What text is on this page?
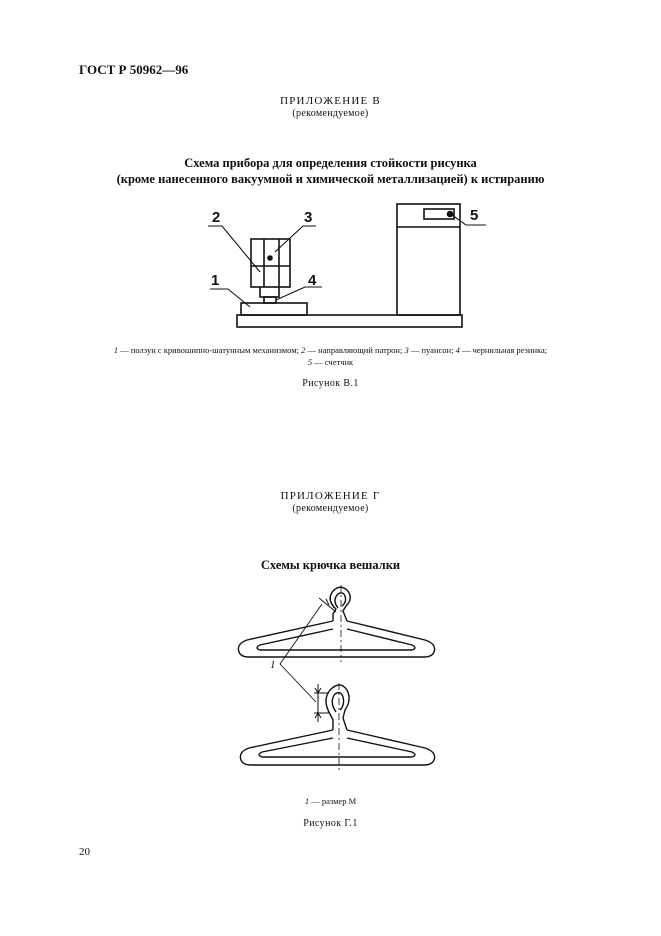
ГОСТ Р 50962—96
ПРИЛОЖЕНИЕ В
(рекомендуемое)
Схема прибора для определения стойкости рисунка
(кроме нанесенного вакуумной и химической металлизацией) к истиранию
2	3
1	4
5
1 — ползун с кривошипно-шатунным механизмом; 2 — направляющий патрон; 3 — пуансон; 4 — чернильная резинка;
5 — счетчик
Рисунок В.1
ПРИЛОЖЕНИЕ Г
(рекомендуемое)
Схемы крючка вешалки
1
1 — размер М
Рисунок Г.1
20
